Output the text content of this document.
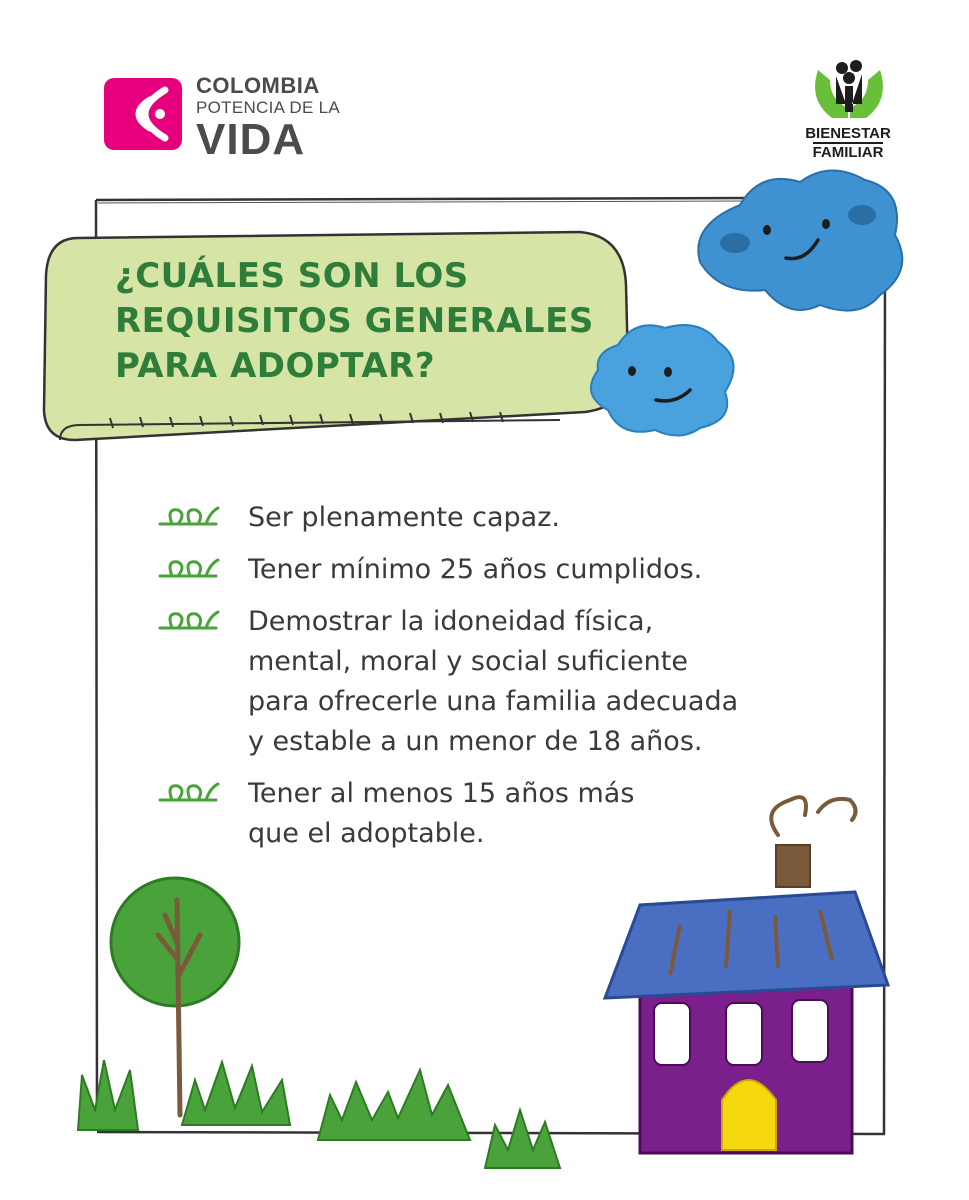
COLOMBIA
POTENCIA DE LA
VIDA	BIENESTAR
FAMILIAR
¿CUÁLES SON LOS
REQUISITOS GENERALES
PARA ADOPTAR?
Ser plenamente capaz.
Tener mínimo 25 años cumplidos.
Demostrar la idoneidad física,
mental, moral y social suficiente
para ofrecerle una familia adecuada
y estable a un menor de 18 años.
Tener al menos 15 años más
que el adoptable.
